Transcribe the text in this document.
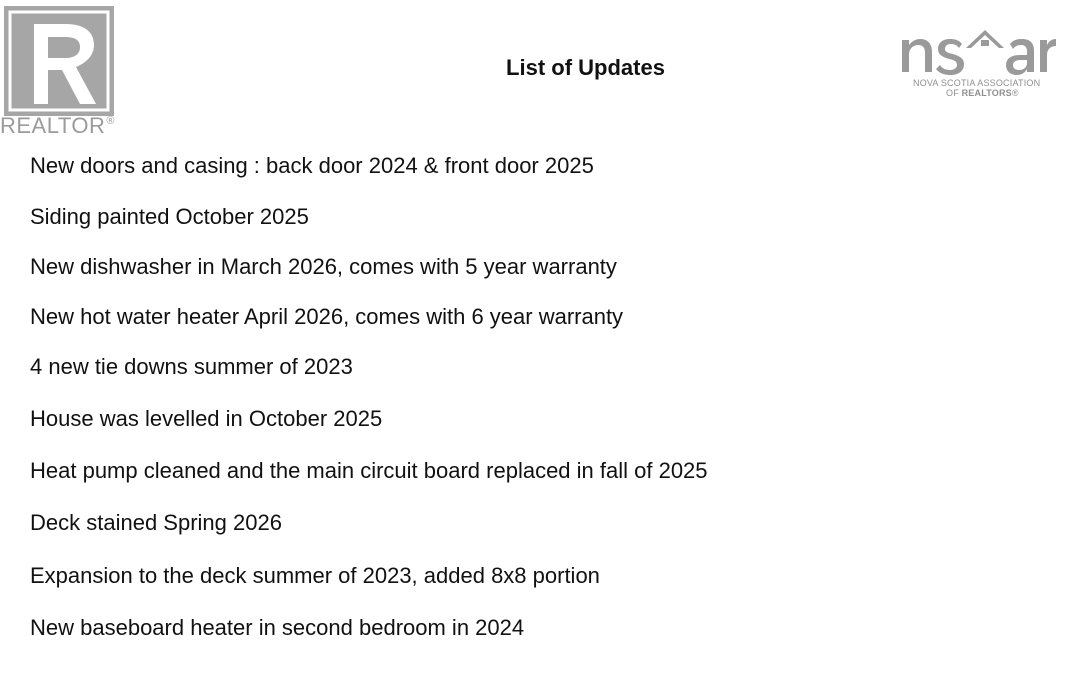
REALTOR®
NOVA SCOTIA ASSOCIATION
OF REALTORS®
List of Updates
New doors and casing : back door 2024 & front door 2025
Siding painted October 2025
New dishwasher in March 2026, comes with 5 year warranty
New hot water heater April 2026, comes with 6 year warranty
4 new tie downs summer of 2023
House was levelled in October 2025
Heat pump cleaned and the main circuit board replaced in fall of 2025
Deck stained Spring 2026
Expansion to the deck summer of 2023, added 8x8 portion
New baseboard heater in second bedroom in 2024
